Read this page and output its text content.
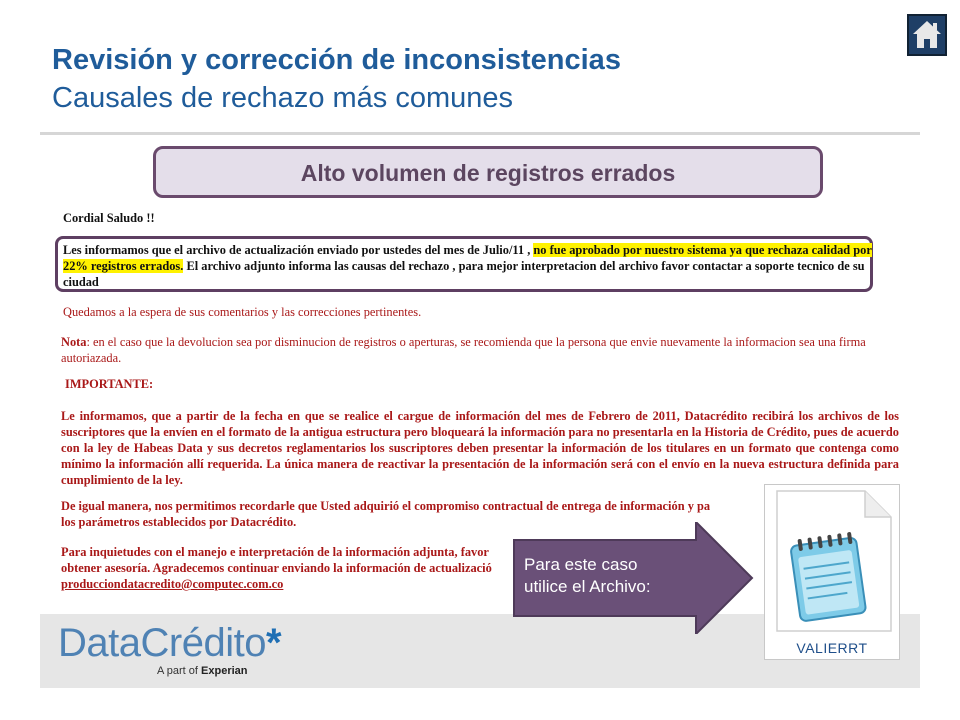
Revisión y corrección de inconsistencias
Causales de rechazo más comunes
Alto volumen de registros errados

Cordial Saludo !!

Les informamos que el archivo de actualización enviado por ustedes del mes de Julio/11 , no fue aprobado por nuestro sistema ya que rechaza calidad por 22% registros errados. El archivo adjunto informa las causas del rechazo , para mejor interpretacion del archivo favor contactar a soporte tecnico de su ciudad

Quedamos a la espera de sus comentarios y las correcciones pertinentes.

Nota: en el caso que la devolucion sea por disminucion de registros o aperturas, se recomienda que la persona que envie nuevamente la informacion sea una firma autoriazada.

IMPORTANTE:

Le informamos, que a partir de la fecha en que se realice el cargue de información del mes de Febrero de 2011, Datacrédito recibirá los archivos de los suscriptores que la envíen en el formato de la antigua estructura pero bloqueará la información para no presentarla en la Historia de Crédito, pues de acuerdo con la ley de Habeas Data y sus decretos reglamentarios los suscriptores deben presentar la información de los titulares en un formato que contenga como mínimo la información allí requerida. La única manera de reactivar la presentación de la información será con el envío en la nueva estructura definida para cumplimiento de la ley.

De igual manera, nos permitimos recordarle que Usted adquirió el compromiso contractual de entrega de información y pa
los parámetros establecidos por Datacrédito.

Para inquietudes con el manejo e interpretación de la información adjunta, favor
obtener asesoría. Agradecemos continuar enviando la información de actualizació
producciondatacredito@computec.com.co

DataCrédito*
A part of Experian
Para este caso
utilice el Archivo:
VALIERRT
